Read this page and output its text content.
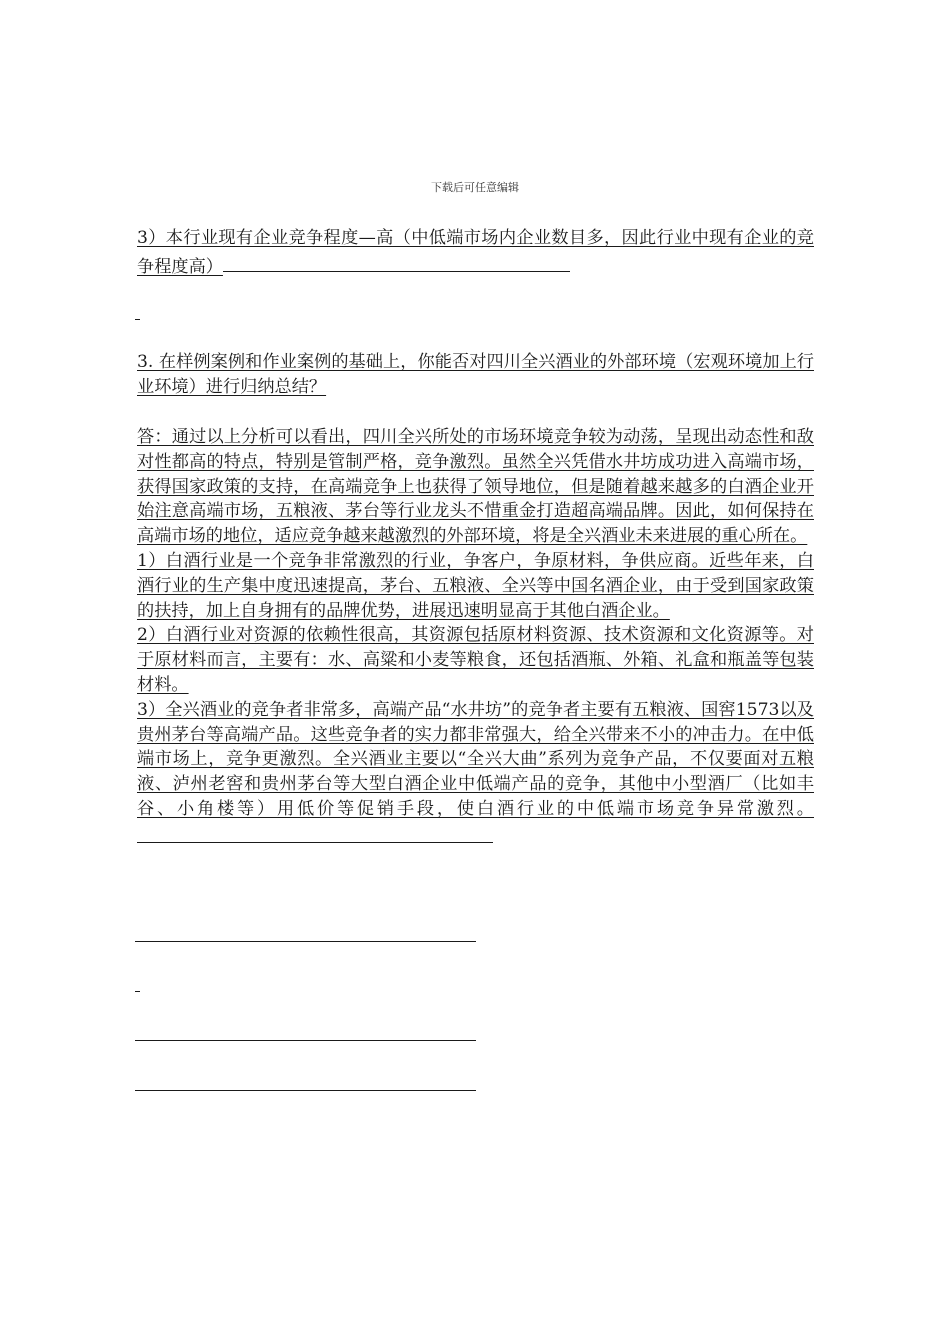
下载后可任意编辑

3）本行业现有企业竞争程度—高（中低端市场内企业数目多，因此行业中现有企业的竞争程度高）

3. 在样例案例和作业案例的基础上，你能否对四川全兴酒业的外部环境（宏观环境加上行业环境）进行归纳总结？

答：通过以上分析可以看出，四川全兴所处的市场环境竞争较为动荡，呈现出动态性和敌对性都高的特点，特别是管制严格，竞争激烈。虽然全兴凭借水井坊成功进入高端市场，获得国家政策的支持，在高端竞争上也获得了领导地位，但是随着越来越多的白酒企业开始注意高端市场，五粮液、茅台等行业龙头不惜重金打造超高端品牌。因此，如何保持在高端市场的地位，适应竞争越来越激烈的外部环境，将是全兴酒业未来进展的重心所在。
1）白酒行业是一个竞争非常激烈的行业，争客户，争原材料，争供应商。近些年来，白酒行业的生产集中度迅速提高，茅台、五粮液、全兴等中国名酒企业，由于受到国家政策的扶持，加上自身拥有的品牌优势，进展迅速明显高于其他白酒企业。
2）白酒行业对资源的依赖性很高，其资源包括原材料资源、技术资源和文化资源等。对于原材料而言，主要有：水、高粱和小麦等粮食，还包括酒瓶、外箱、礼盒和瓶盖等包装材料。
3）全兴酒业的竞争者非常多，高端产品“水井坊”的竞争者主要有五粮液、国窖1573以及贵州茅台等高端产品。这些竞争者的实力都非常强大，给全兴带来不小的冲击力。在中低端市场上，竞争更激烈。全兴酒业主要以“全兴大曲”系列为竞争产品，不仅要面对五粮液、泸州老窖和贵州茅台等大型白酒企业中低端产品的竞争，其他中小型酒厂（比如丰谷、小角楼等）用低价等促销手段，使白酒行业的中低端市场竞争异常激烈。
